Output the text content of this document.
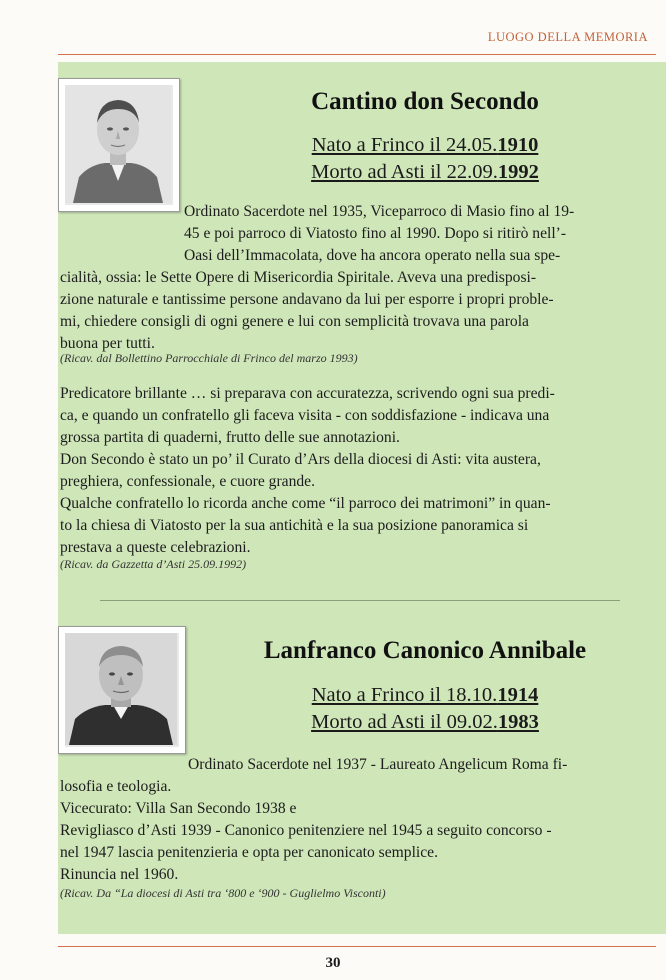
LUOGO DELLA MEMORIA
Cantino don Secondo
Nato a Frinco il 24.05.1910
Morto ad Asti il 22.09.1992
Ordinato Sacerdote nel 1935, Viceparroco di Masio fino al 19-
45 e poi parroco di Viatosto fino al 1990. Dopo si ritirò nell’-
Oasi dell’Immacolata, dove ha ancora operato nella sua spe-
cialità, ossia: le Sette Opere di Misericordia Spiritale. Aveva una predisposi-
zione naturale e tantissime persone andavano da lui per esporre i propri proble-
mi, chiedere consigli di ogni genere e lui con semplicità trovava una parola
buona per tutti.
(Ricav. dal Bollettino Parrocchiale di Frinco del marzo 1993)
Predicatore brillante … si preparava con accuratezza, scrivendo ogni sua predi-
ca, e quando un confratello gli faceva visita - con soddisfazione - indicava una
grossa partita di quaderni, frutto delle sue annotazioni.
Don Secondo è stato un po’ il Curato d’Ars della diocesi di Asti: vita austera,
preghiera, confessionale, e cuore grande.
Qualche confratello lo ricorda anche come “il parroco dei matrimoni” in quan-
to la chiesa di Viatosto per la sua antichità e la sua posizione panoramica si
prestava a queste celebrazioni.
(Ricav. da Gazzetta d’Asti 25.09.1992)
Lanfranco Canonico Annibale
Nato a Frinco il 18.10.1914
Morto ad Asti il 09.02.1983
Ordinato Sacerdote nel 1937 - Laureato Angelicum Roma fi-
losofia e teologia.
Vicecurato: Villa San Secondo 1938 e
Revigliasco d’Asti 1939 - Canonico penitenziere nel 1945 a seguito concorso -
nel 1947 lascia penitenzieria e opta per canonicato semplice.
Rinuncia nel 1960.
(Ricav. Da “La diocesi di Asti tra ‘800 e ‘900 - Guglielmo Visconti)
30
